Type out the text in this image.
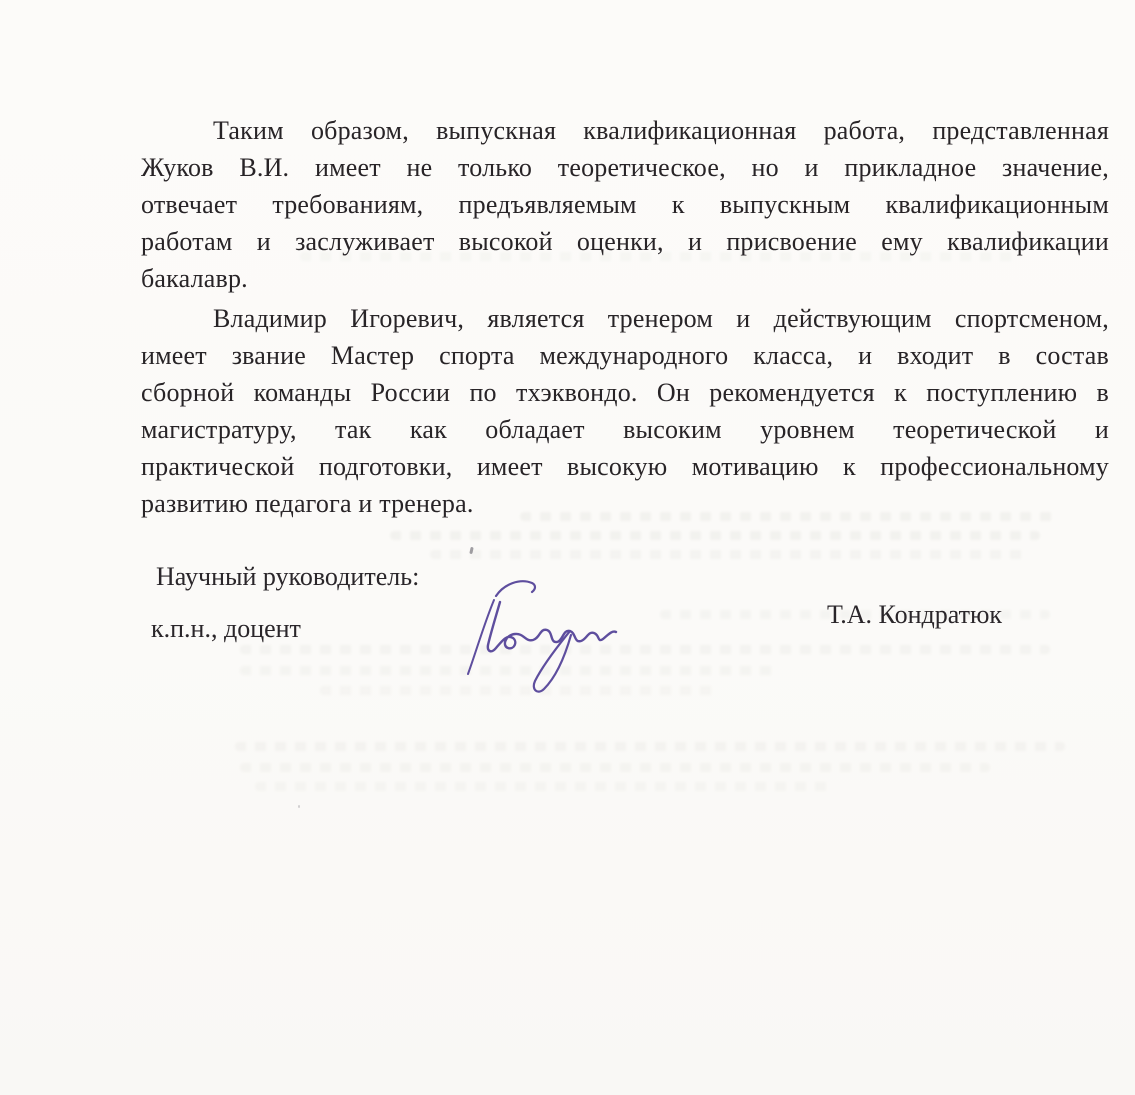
Таким образом, выпускная квалификационная работа, представленная
Жуков В.И. имеет не только теоретическое, но и прикладное значение,
отвечает требованиям, предъявляемым к выпускным квалификационным
работам и заслуживает высокой оценки, и присвоение ему квалификации
бакалавр.
Владимир Игоревич, является тренером и действующим спортсменом,
имеет звание Мастер спорта международного класса, и входит в состав
сборной команды России по тхэквондо. Он рекомендуется к поступлению в
магистратуру, так как обладает высоким уровнем теоретической и
практической подготовки, имеет высокую мотивацию к профессиональному
развитию педагога и тренера.
Научный руководитель:
к.п.н., доцент	Т.А. Кондратюк
